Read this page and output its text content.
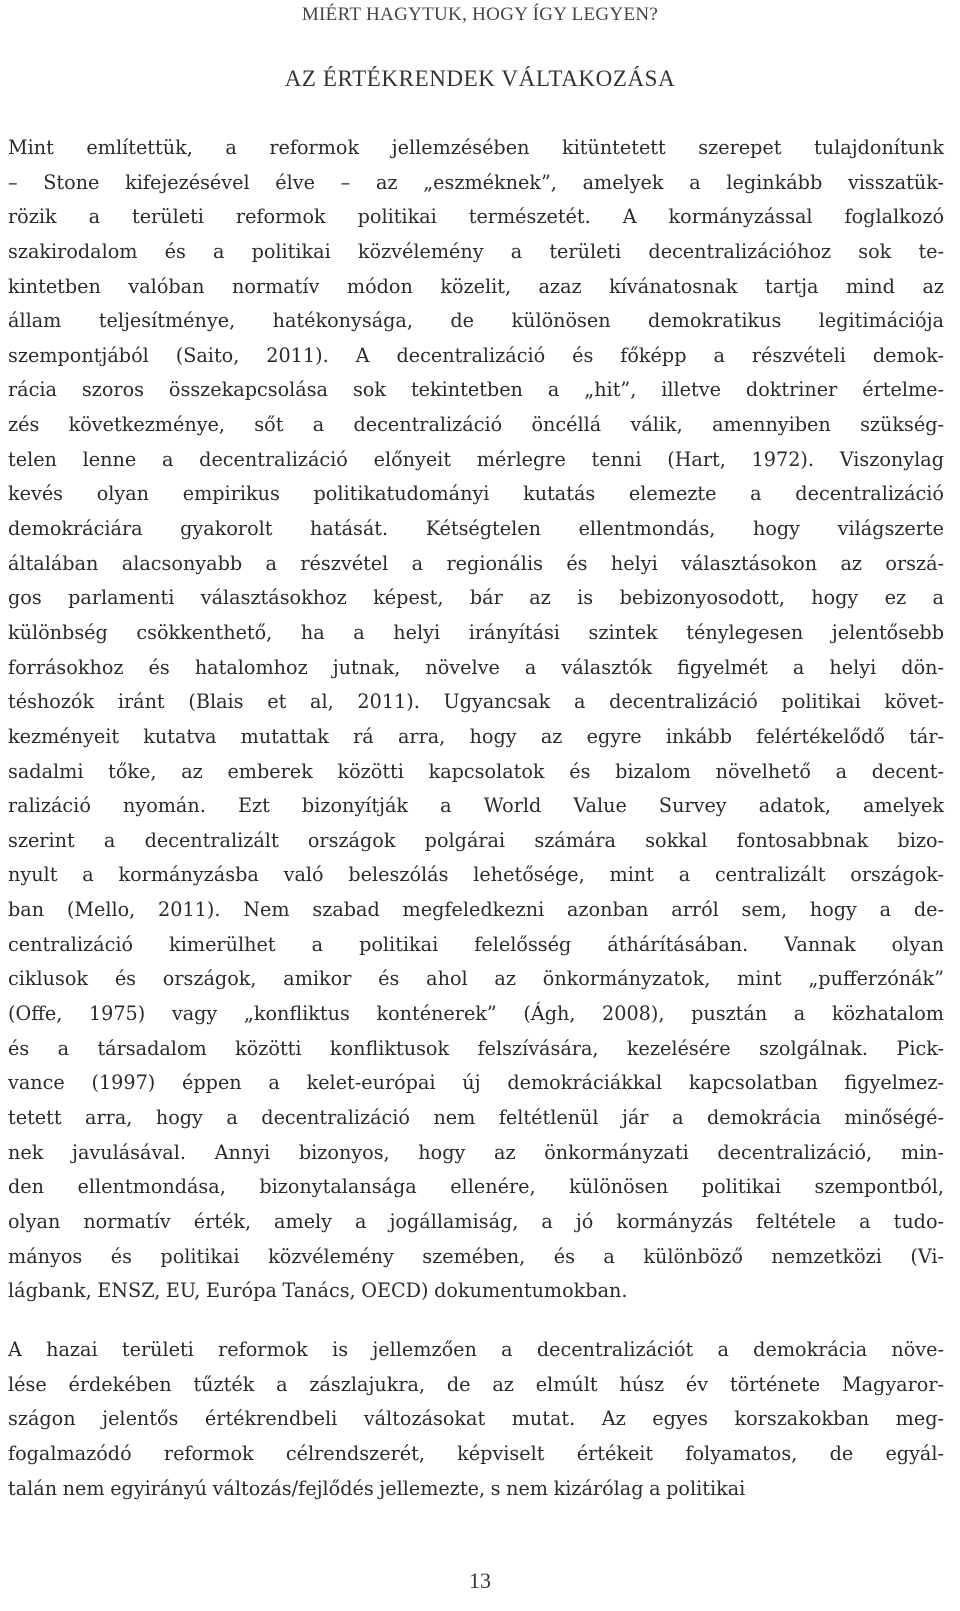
MIÉRT HAGYTUK, HOGY ÍGY LEGYEN?
AZ ÉRTÉKRENDEK VÁLTAKOZÁSA
Mint említettük, a reformok jellemzésében kitüntetett szerepet tulajdonítunk
– Stone kifejezésével élve – az „eszméknek”, amelyek a leginkább visszatük-
rözik a területi reformok politikai természetét. A kormányzással foglalkozó
szakirodalom és a politikai közvélemény a területi decentralizációhoz sok te-
kintetben valóban normatív módon közelit, azaz kívánatosnak tartja mind az
állam teljesítménye, hatékonysága, de különösen demokratikus legitimációja
szempontjából (Saito, 2011). A decentralizáció és főképp a részvételi demok-
rácia szoros összekapcsolása sok tekintetben a „hit”, illetve doktriner értelme-
zés következménye, sőt a decentralizáció öncéllá válik, amennyiben szükség-
telen lenne a decentralizáció előnyeit mérlegre tenni (Hart, 1972). Viszonylag
kevés olyan empirikus politikatudományi kutatás elemezte a decentralizáció
demokráciára gyakorolt hatását. Kétségtelen ellentmondás, hogy világszerte
általában alacsonyabb a részvétel a regionális és helyi választásokon az orszá-
gos parlamenti választásokhoz képest, bár az is bebizonyosodott, hogy ez a
különbség csökkenthető, ha a helyi irányítási szintek ténylegesen jelentősebb
forrásokhoz és hatalomhoz jutnak, növelve a választók figyelmét a helyi dön-
téshozók iránt (Blais et al, 2011). Ugyancsak a decentralizáció politikai követ-
kezményeit kutatva mutattak rá arra, hogy az egyre inkább felértékelődő tár-
sadalmi tőke, az emberek közötti kapcsolatok és bizalom növelhető a decent-
ralizáció nyomán. Ezt bizonyítják a World Value Survey adatok, amelyek
szerint a decentralizált országok polgárai számára sokkal fontosabbnak bizo-
nyult a kormányzásba való beleszólás lehetősége, mint a centralizált országok-
ban (Mello, 2011). Nem szabad megfeledkezni azonban arról sem, hogy a de-
centralizáció kimerülhet a politikai felelősség áthárításában. Vannak olyan
ciklusok és országok, amikor és ahol az önkormányzatok, mint „pufferzónák”
(Offe, 1975) vagy „konfliktus konténerek” (Ágh, 2008), pusztán a közhatalom
és a társadalom közötti konfliktusok felszívására, kezelésére szolgálnak. Pick-
vance (1997) éppen a kelet-európai új demokráciákkal kapcsolatban figyelmez-
tetett arra, hogy a decentralizáció nem feltétlenül jár a demokrácia minőségé-
nek javulásával. Annyi bizonyos, hogy az önkormányzati decentralizáció, min-
den ellentmondása, bizonytalansága ellenére, különösen politikai szempontból,
olyan normatív érték, amely a jogállamiság, a jó kormányzás feltétele a tudo-
mányos és politikai közvélemény szemében, és a különböző nemzetközi (Vi-
lágbank, ENSZ, EU, Európa Tanács, OECD) dokumentumokban.
A hazai területi reformok is jellemzően a decentralizációt a demokrácia növe-
lése érdekében tűzték a zászlajukra, de az elmúlt húsz év története Magyaror-
szágon jelentős értékrendbeli változásokat mutat. Az egyes korszakokban meg-
fogalmazódó reformok célrendszerét, képviselt értékeit folyamatos, de egyál-
talán nem egyirányú változás/fejlődés jellemezte, s nem kizárólag a politikai
13
